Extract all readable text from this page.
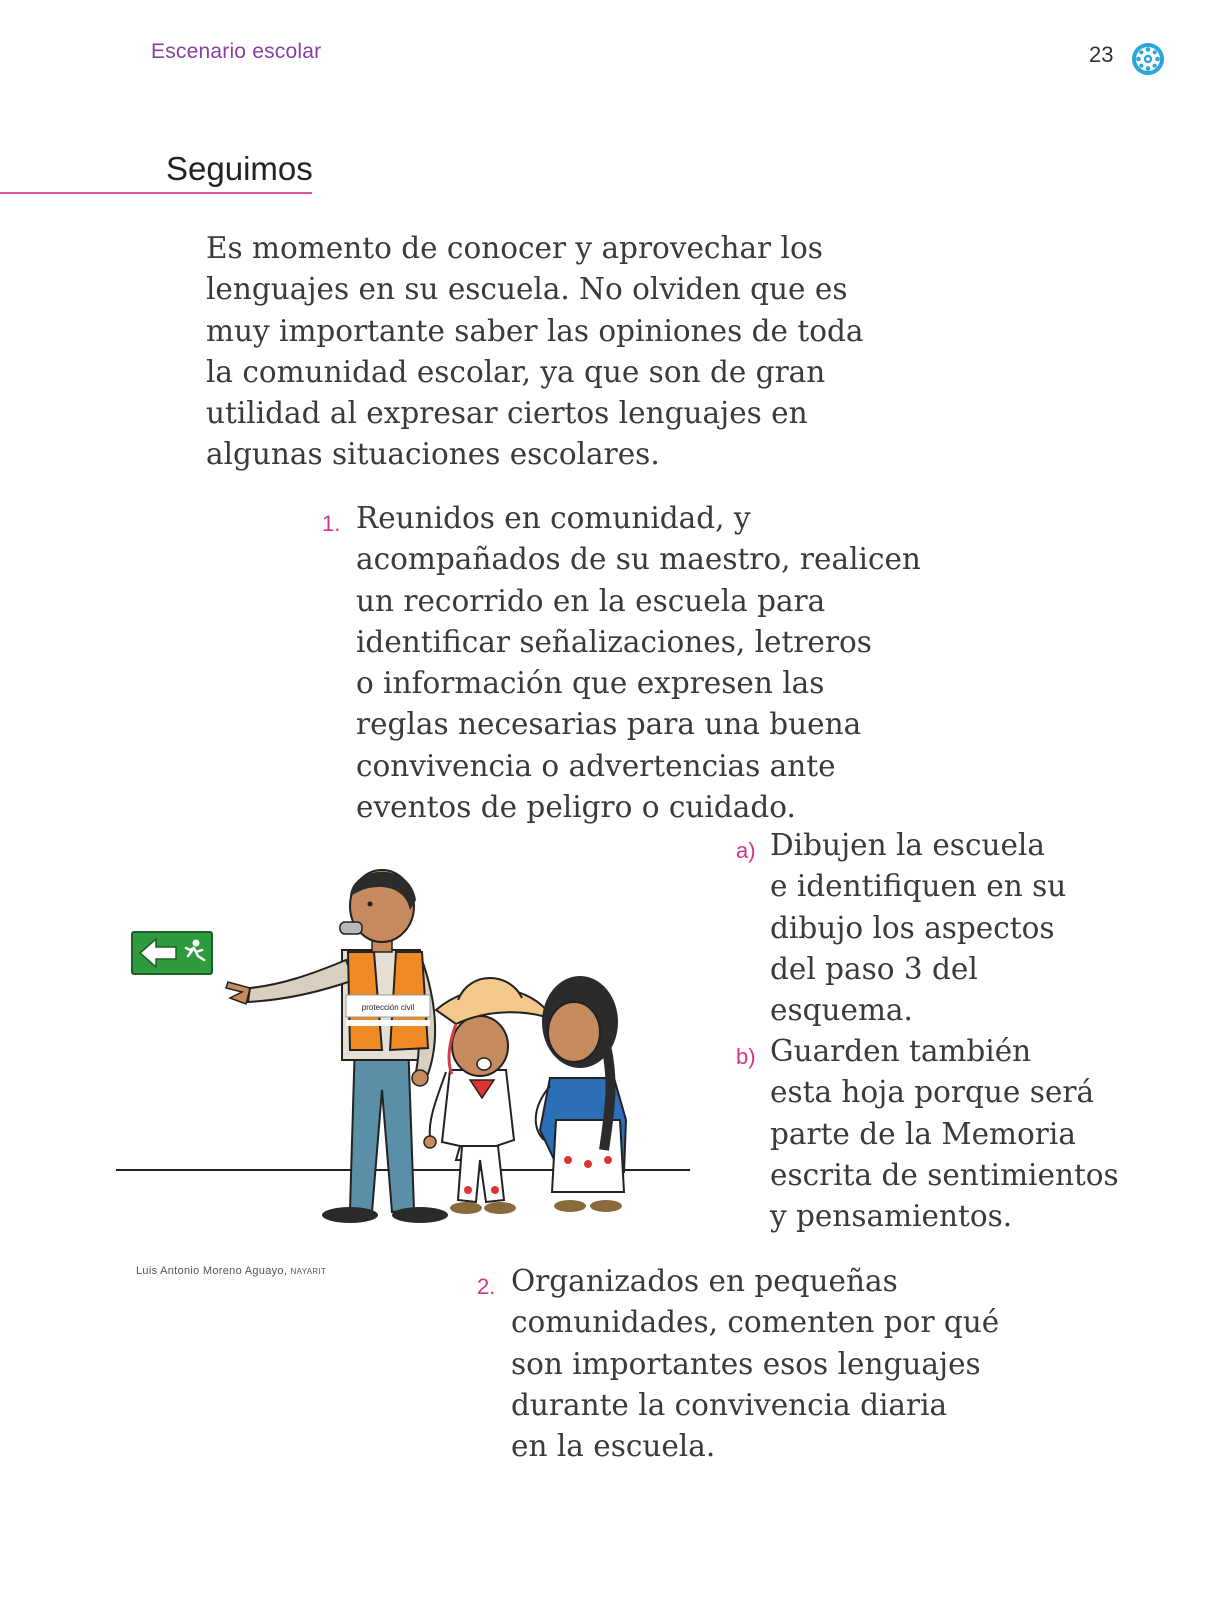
Escenario escolar	23
Seguimos
Es momento de conocer y aprovechar los
lenguajes en su escuela. No olviden que es
muy importante saber las opiniones de toda
la comunidad escolar, ya que son de gran
utilidad al expresar ciertos lenguajes en
algunas situaciones escolares.
1. Reunidos en comunidad, y
acompañados de su maestro, realicen
un recorrido en la escuela para
identificar señalizaciones, letreros
o información que expresen las
reglas necesarias para una buena
convivencia o advertencias ante
eventos de peligro o cuidado.
a) Dibujen la escuela
e identifiquen en su
dibujo los aspectos
del paso 3 del
esquema.
b) Guarden también
esta hoja porque será
parte de la Memoria
escrita de sentimientos
y pensamientos.
2. Organizados en pequeñas
comunidades, comenten por qué
son importantes esos lenguajes
durante la convivencia diaria
en la escuela.
protección civil
Luis Antonio Moreno Aguayo, NAYARIT
